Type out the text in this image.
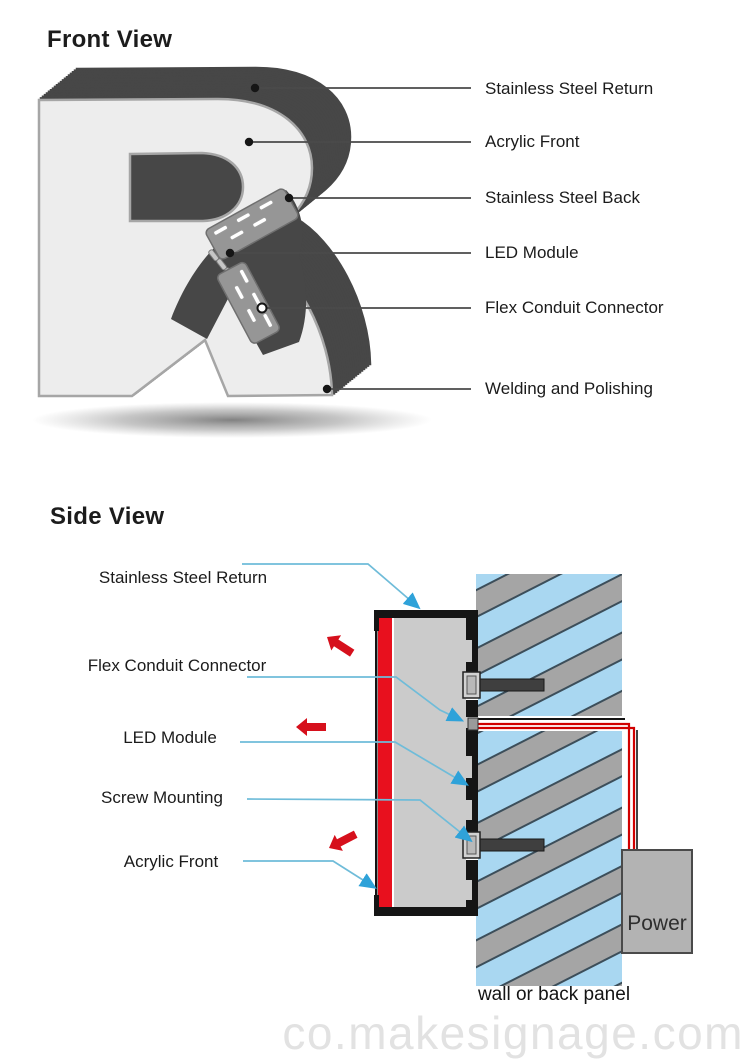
Front View
Stainless Steel Return
Acrylic Front
Stainless Steel Back
LED Module
Flex Conduit Connector
Welding and Polishing
Side View
Stainless Steel Return
Flex Conduit Connector
LED Module
Screw Mounting
Acrylic Front
Power
wall or back panel
co.makesignage.com
